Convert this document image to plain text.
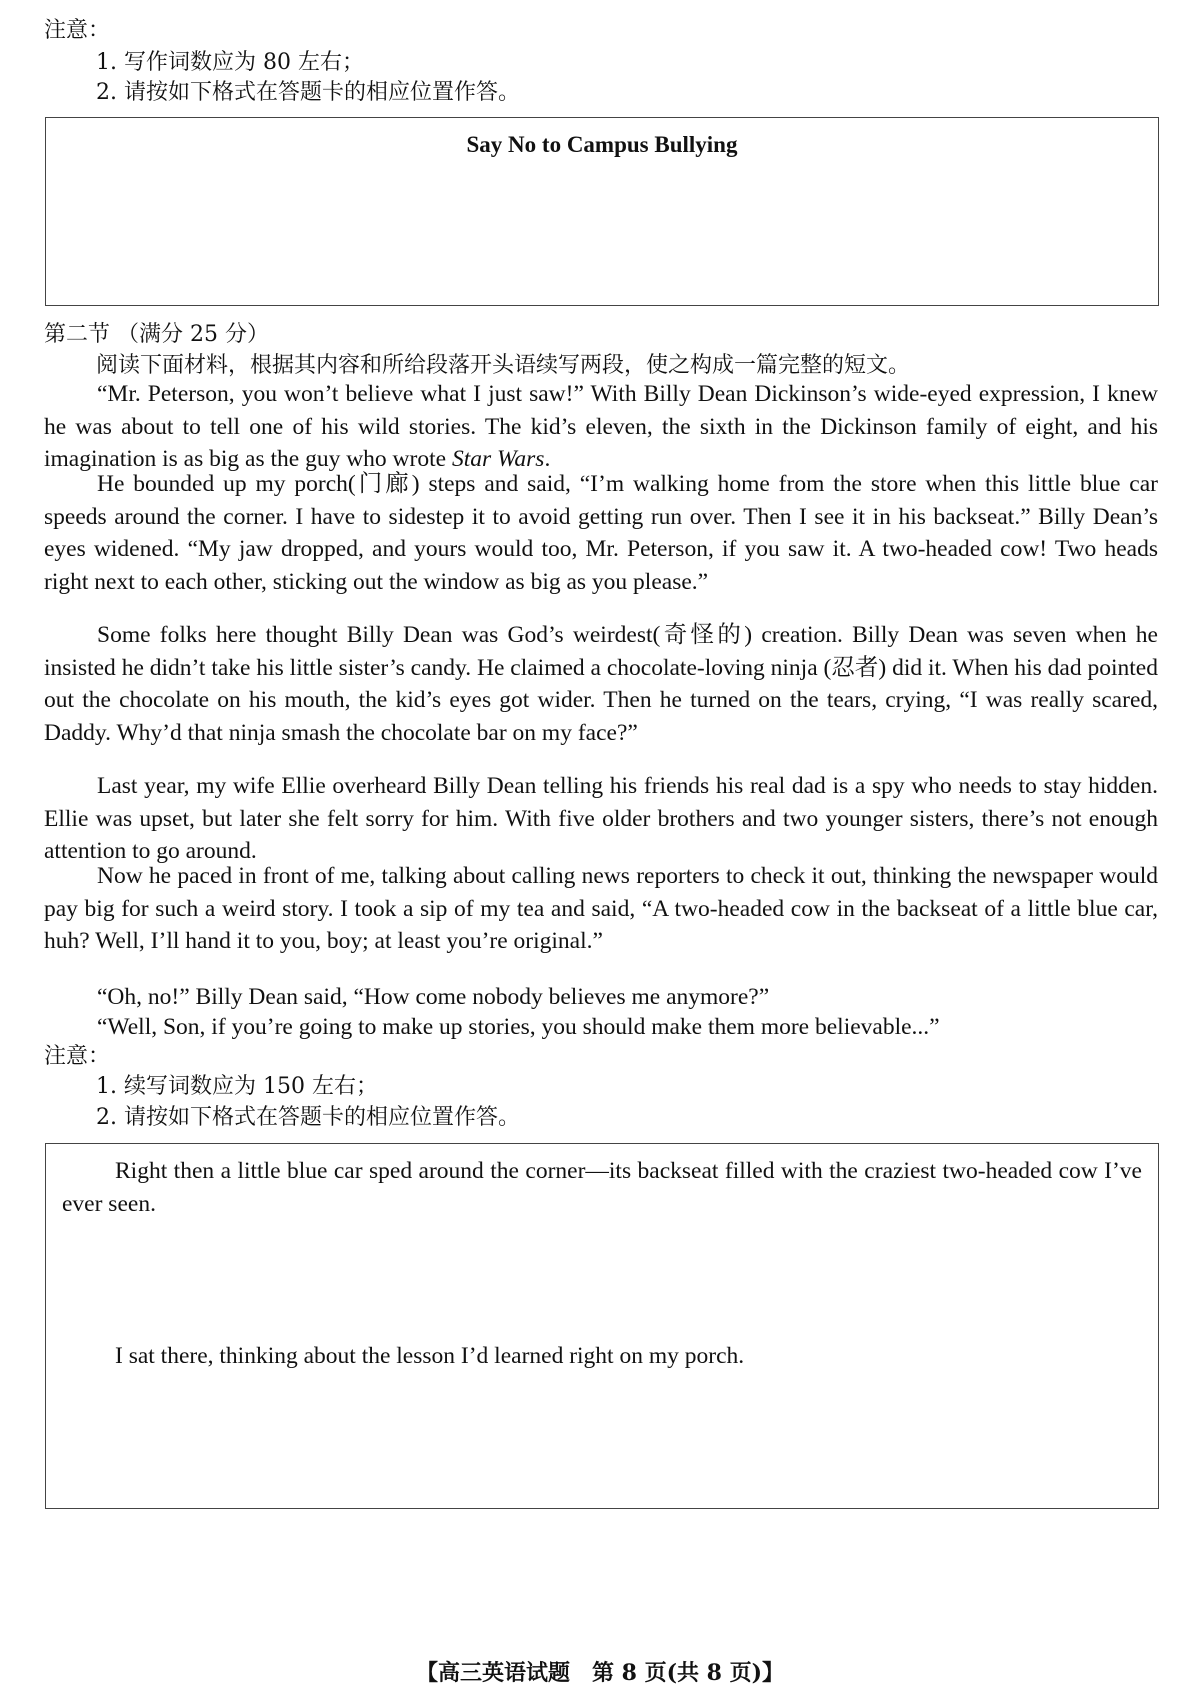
注意：
1. 写作词数应为 80 左右；
2. 请按如下格式在答题卡的相应位置作答。
Say No to Campus Bullying
第二节 （满分 25 分）
阅读下面材料，根据其内容和所给段落开头语续写两段，使之构成一篇完整的短文。

“Mr. Peterson, you won’t believe what I just saw!” With Billy Dean Dickinson’s wide-eyed expression, I knew he was about to tell one of his wild stories. The kid’s eleven, the sixth in the Dickinson family of eight, and his imagination is as big as the guy who wrote Star Wars.

He bounded up my porch(门廊) steps and said, “I’m walking home from the store when this little blue car speeds around the corner. I have to sidestep it to avoid getting run over. Then I see it in his backseat.” Billy Dean’s eyes widened. “My jaw dropped, and yours would too, Mr. Peterson, if you saw it. A two-headed cow! Two heads right next to each other, sticking out the window as big as you please.”

Some folks here thought Billy Dean was God’s weirdest(奇怪的) creation. Billy Dean was seven when he insisted he didn’t take his little sister’s candy. He claimed a chocolate-loving ninja (忍者) did it. When his dad pointed out the chocolate on his mouth, the kid’s eyes got wider. Then he turned on the tears, crying, “I was really scared, Daddy. Why’d that ninja smash the chocolate bar on my face?”

Last year, my wife Ellie overheard Billy Dean telling his friends his real dad is a spy who needs to stay hidden. Ellie was upset, but later she felt sorry for him. With five older brothers and two younger sisters, there’s not enough attention to go around.

Now he paced in front of me, talking about calling news reporters to check it out, thinking the newspaper would pay big for such a weird story. I took a sip of my tea and said, “A two-headed cow in the backseat of a little blue car, huh? Well, I’ll hand it to you, boy; at least you’re original.”

“Oh, no!” Billy Dean said, “How come nobody believes me anymore?”

“Well, Son, if you’re going to make up stories, you should make them more believable...”

注意：
1. 续写词数应为 150 左右；
2. 请按如下格式在答题卡的相应位置作答。

Right then a little blue car sped around the corner—its backseat filled with the craziest two-headed cow I’ve ever seen.

I sat there, thinking about the lesson I’d learned right on my porch.

【高三英语试题　第 8 页(共 8 页)】
